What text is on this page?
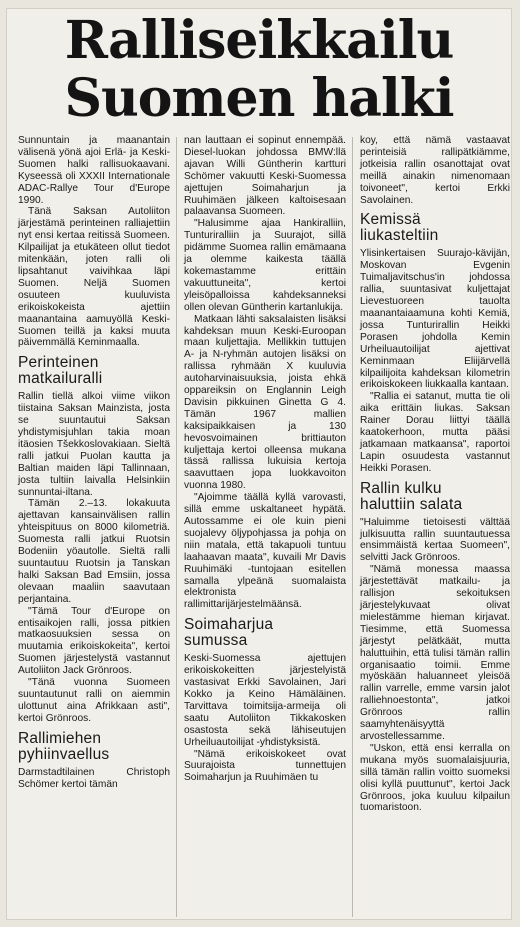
Ralliseikkailu
Suomen halki

Sunnuntain ja maanantain välisenä yönä ajoi Erlä- ja Keski-Suomen halki rallisuokaavani. Kyseessä oli XXXII Internationale ADAC-Rallye Tour d'Europe 1990.

Tänä Saksan Autoliiton järjestämä perinteinen ralliajettiin nyt ensi kertaa reitissä Suomeen. Kilpailijat ja etukäteen ollut tiedot mitenkään, joten ralli oli lipsahtanut vaivihkaa läpi Suomen. Neljä Suomen osuuteen kuuluvista erikoiskokeista ajettiin maanantaina aamuyöllä Keski-Suomen teillä ja kaksi muuta päivemmällä Keminmaalla.

Perinteinen
matkailuralli

Rallin tiellä alkoi viime viikon tiistaina Saksan Mainzista, josta se suuntautui Saksan yhdistymisjuhlan takia moan itäosien Tšekkoslovakiaan. Sieltä ralli jatkui Puolan kautta ja Baltian maiden läpi Tallinnaan, josta tultiin laivalla Helsinkiin sunnuntai-iltana.

Tämän 2.–13. lokakuuta ajettavan kansainvälisen rallin yhteispituus on 8000 kilometriä. Suomesta ralli jatkui Ruotsin Bodeniin yöautolle. Sieltä ralli suuntautuu Ruotsin ja Tanskan halki Saksan Bad Emsiin, jossa olevaan maaliin saavutaan perjantaina.

"Tämä Tour d'Europe on entisaikojen ralli, jossa pitkien matkaosuuksien sessa on muutamia erikoiskokeita", kertoi Suomen järjestelystä vastannut Autoliiton Jack Grönroos.

"Tänä vuonna Suomeen suuntautunut ralli on aiemmin ulottunut aina Afrikkaan asti", kertoi Grönroos.

Rallimiehen
pyhiinvaellus

Darmstadtilainen Christoph Schömer kertoi tämän

nan lauttaan ei sopinut ennempää. Diesel-luokan johdossa BMW:llä ajavan Willi Güntherin kartturi Schömer vakuutti Keski-Suomessa ajettujen Soimaharjun ja Ruuhimäen jälkeen kaltoisesaan palaavansa Suomeen.

"Halusimme ajaa Hankiralliin, Tunturiralliin ja Suurajot, sillä pidämme Suomea rallin emämaana ja olemme kaikesta täällä kokemastamme erittäin vakuuttuneita", kertoi yleisöpalloissa kahdeksanneksi ollen olevan Güntherin kartanlukija.

Matkaan lähti saksalaisten lisäksi kahdeksan muun Keski-Euroopan maan kuljettajia. Mellikkin tuttujen A- ja N-ryhmän autojen lisäksi on rallissa ryhmään X kuuluvia autoharvinaisuuksia, joista ehkä oppareiksin on Englannin Leigh Davisin pikkuinen Ginetta G 4. Tämän 1967 mallien kaksipaikkaisen ja 130 hevosvoimainen brittiauton kuljettaja kertoi olleensa mukana tässä rallissa lukuisia kertoja saavuttaen jopa luokkavoiton vuonna 1980.

"Ajoimme täällä kyllä varovasti, sillä emme uskaltaneet hypätä. Autossamme ei ole kuin pieni suojalevy öljypohjassa ja pohja on niin matala, että takapuoli tuntuu laahaavan maata", kuvaili Mr Davis Ruuhimäki -tuntojaan esitellen samalla ylpeänä suomalaista elektronista rallimittarijärjestelmäänsä.

Soimaharjua
sumussa

Keski-Suomessa ajettujen erikoiskokeitten järjestelyistä vastasivat Erkki Savolainen, Jari Kokko ja Keino Hämäläinen. Tarvittava toimitsija-armeija oli saatu Autoliiton Tikkakosken osastosta sekä lähiseutujen Urheiluautoilijat -yhdistyksistä.

"Nämä erikoiskokeet ovat Suurajoista tunnettujen Soimaharjun ja Ruuhimäen tu

koy, että nämä vastaavat perinteisiä rallipätkiämme, jotkeisia rallin osanottajat ovat meillä ainakin nimenomaan toivoneet", kertoi Erkki Savolainen.

Kemissä
liukasteltiin

Ylisinkertaisen Suurajo-kävijän, Moskovan Evgenin Tuimaljavitschus'in johdossa rallia, suuntasivat kuljettajat Lievestuoreen tauolta maanantaiaamuna kohti Kemiä, jossa Tunturirallin Heikki Porasen johdolla Kemin Urheiluautoilijat ajettivat Keminmaan Eliijärvellä kilpailijoita kahdeksan kilometrin erikoiskokeen liukkaalla kantaan.

"Rallia ei satanut, mutta tie oli aika erittäin liukas. Saksan Rainer Dorau liittyi täällä kaatokerhoon, mutta pääsi jatkamaan matkaansa", raportoi Lapin osuudesta vastannut Heikki Porasen.

Rallin kulku
haluttiin salata

"Haluimme tietoisesti välttää julkisuutta rallin suuntautuessa ensimmäistä kertaa Suomeen", selvitti Jack Grönroos.

"Nämä monessa maassa järjestettävät matkailu- ja rallisjon sekoituksen järjestelykuvaat olivat mielestämme hieman kirjavat. Tiesimme, että Suomessa järjestyt pelätkäät, mutta haluttuihin, että tulisi tämän rallin organisaatio toimii. Emme myöskään haluanneet yleisöä rallin varrelle, emme varsin jalot ralliehnoestonta", jatkoi Grönroos rallin saamyhtenäisyyttä arvostellessamme.

"Uskon, että ensi kerralla on mukana myös suomalaisjuuria, sillä tämän rallin voitto suomeksi olisi kyllä puuttunut", kertoi Jack Grönroos, joka kuuluu kilpailun tuomaristoon.
